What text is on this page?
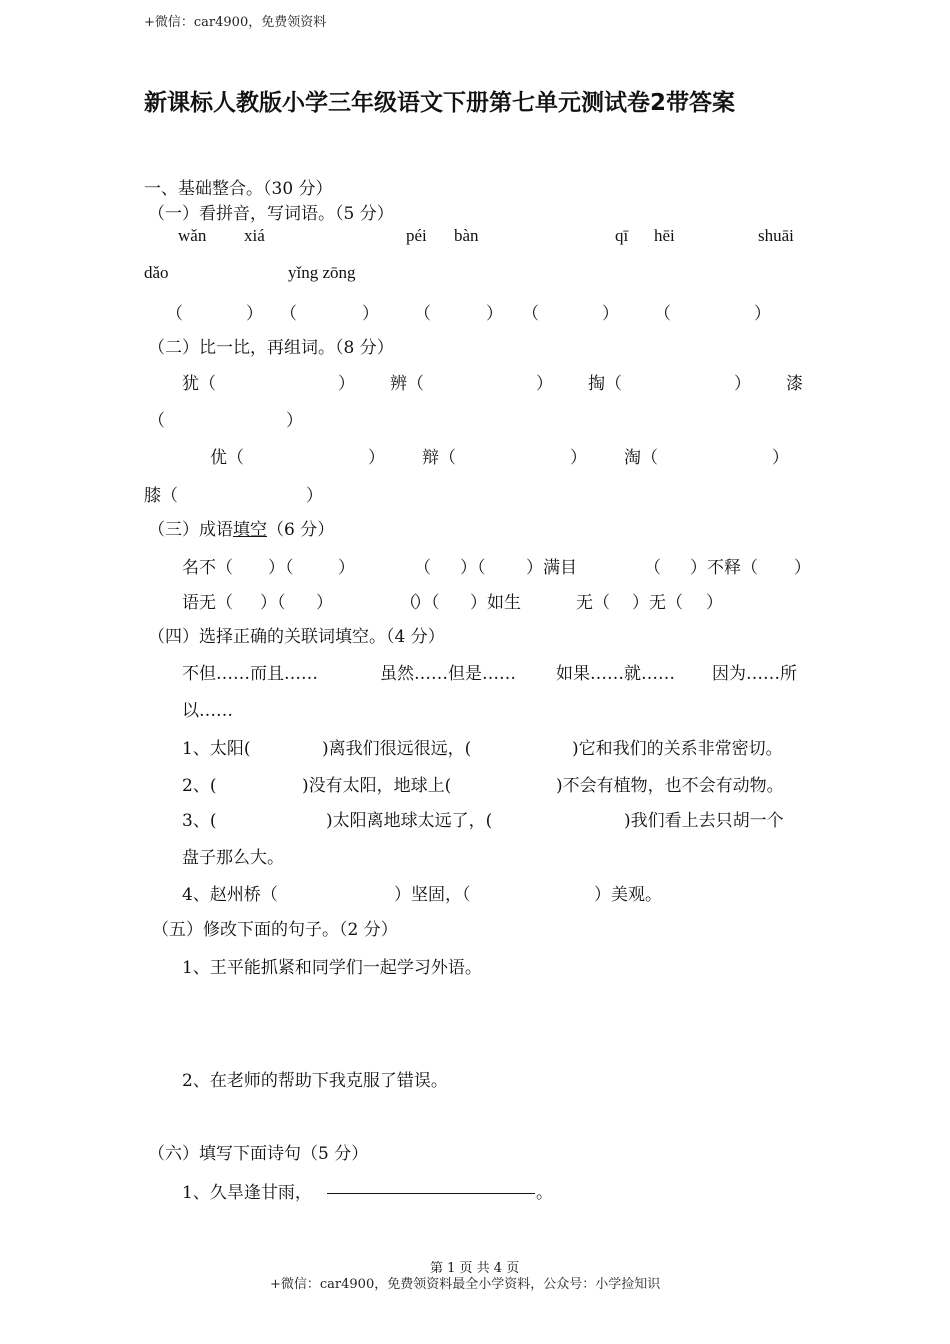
+微信：car4900，免费领资料
新课标人教版小学三年级语文下册第七单元测试卷2带答案
一、基础整合。（30 分）
（一）看拼音，写词语。（5 分）
wǎn xiá	péi bàn	qī hēi	shuāi
dǎo	yǐng zōng
（	） （	） （	） （	） （	）
（二）比一比，再组词。（8 分）
犹（	） 辨（	） 掏（	） 漆
（	）
优（	） 辩（	） 淘（	）
膝（	）
（三）成语填空（6 分）
名不（ ）（	）	（ ）（ ）满目	（ ）不释（ ）
语无（ ）（ ）	（
）（ ）如生	无（ ）无（ ）
（四）选择正确的关联词填空。（4 分）
不但……而且……	虽然……但是…… 如果……就…… 因为……所
以……
1、太阳(	)离我们很远很远，(	)它和我们的关系非常密切。
2、(	)没有太阳，地球上(	)不会有植物，也不会有动物。
3、(	)太阳离地球太远了，(	)我们看上去只胡一个
盘子那么大。
4、赵州桥（	）坚固，（	）美观。
（五）修改下面的句子。（2 分）
1、王平能抓紧和同学们一起学习外语。
2、在老师的帮助下我克服了错误。
（六）填写下面诗句（5 分）
1、久旱逢甘雨，	。
第 1 页 共 4 页
+微信：car4900，免费领资料最全小学资料，公众号：小学捡知识
